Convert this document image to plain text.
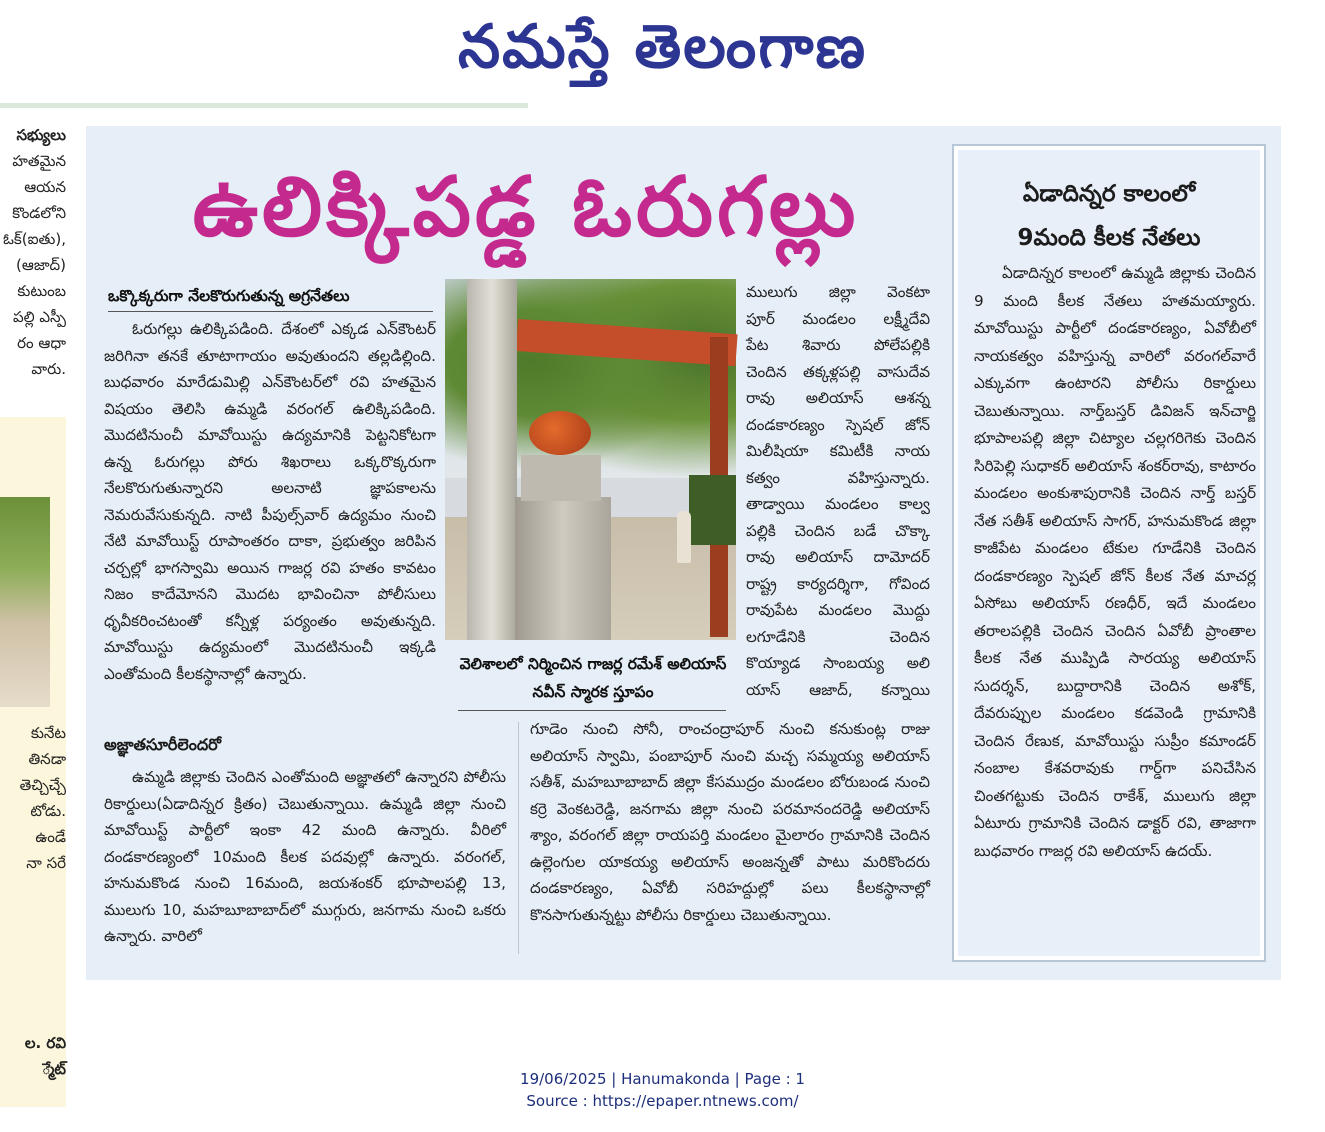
నమస్తే తెలంగాణ
సభ్యులు
హతమైన
ఆయన
కొండలోని
ఓక్(ఐతు),
(ఆజాద్)
కుటుంబ
పల్లి ఎస్పీ
రం ఆధా
వారు.
కునేట
తినడా
తెచ్చిచ్చే
టోడు.
ఉండే
నా సరే
ల. రవి
్మేట్
ఉలిక్కిపడ్డ ఓరుగల్లు
ఒక్కొక్కరుగా నేలకొరుగుతున్న అగ్రనేతలు

ఓరుగల్లు ఉలిక్కిపడింది. దేశంలో ఎక్కడ ఎన్‌కౌంటర్ జరిగినా తనకే తూటాగాయం అవుతుందని తల్లడిల్లింది. బుధవారం మారేడుమిల్లి ఎన్‌కౌంటర్‌లో రవి హతమైన విషయం తెలిసి ఉమ్మడి వరంగల్ ఉలిక్కిపడింది. మొదటినుంచీ మావోయిస్టు ఉద్యమానికి పెట్టనికోటగా ఉన్న ఓరుగల్లు పోరు శిఖరాలు ఒక్కరొక్కరుగా నేలకొరుగుతున్నారని అలనాటి జ్ఞాపకాలను నెమరువేసుకున్నది. నాటి పీపుల్స్‌వార్ ఉద్యమం నుంచి నేటి మావోయిస్ట్ రూపాంతరం దాకా, ప్రభుత్వం జరిపిన చర్చల్లో భాగస్వామి అయిన గాజర్ల రవి హతం కావటం నిజం కాదేమోనని మొదట భావించినా పోలీసులు ధృవీకరించటంతో కన్నీళ్ల పర్యంతం అవుతున్నది. మావోయిస్టు ఉద్యమంలో మొదటినుంచీ ఇక్కడి ఎంతోమంది కీలకస్థానాల్లో ఉన్నారు.

అజ్ఞాతసూరీలెందరో

ఉమ్మడి జిల్లాకు చెందిన ఎంతోమంది అజ్ఞాతలో ఉన్నారని పోలీసు రికార్డులు(ఏడాదిన్నర క్రితం) చెబుతున్నాయి. ఉమ్మడి జిల్లా నుంచి మావోయిస్ట్ పార్టీలో ఇంకా 42 మంది ఉన్నారు. వీరిలో దండకారణ్యంలో 10మంది కీలక పదవుల్లో ఉన్నారు. వరంగల్, హనుమకొండ నుంచి 16మంది, జయశంకర్ భూపాలపల్లి 13, ములుగు 10, మహబూబాబాద్‌లో ముగ్గురు, జనగామ నుంచి ఒకరు ఉన్నారు. వారిలో

వెలిశాలలో నిర్మించిన గాజర్ల రమేశ్ అలియాస్ నవీన్ స్మారక స్తూపం
ములుగు జిల్లా వెంకటా
పూర్ మండలం లక్ష్మీదేవి
పేట శివారు పోలేపల్లికి
చెందిన తక్కళ్లపల్లి వాసుదేవ
రావు అలియాస్ ఆశన్న
దండకారణ్యం స్పెషల్ జోన్
మిలీషియా కమిటీకి నాయ
కత్వం వహిస్తున్నారు.
తాడ్వాయి మండలం కాల్వ
పల్లికి చెందిన బడే చొక్కా
రావు అలియాస్ దామోదర్
రాష్ట్ర కార్యదర్శిగా, గోవింద
రావుపేట మండలం మొద్దు
లగూడేనికి చెందిన
కొయ్యాడ సాంబయ్య అలి
యాస్ ఆజాద్, కన్నాయి

గూడెం నుంచి సోనీ, రాంచంద్రాపూర్ నుంచి కనుకుంట్ల రాజు అలియాస్ స్వామి, పంబాపూర్ నుంచి మచ్చ సమ్మయ్య అలియాస్ సతీశ్, మహబూబాబాద్ జిల్లా కేసముద్రం మండలం బోరుబండ నుంచి కర్రె వెంకటరెడ్డి, జనగామ జిల్లా నుంచి పరమానందరెడ్డి అలియాస్ శ్యాం, వరంగల్ జిల్లా రాయపర్తి మండలం మైలారం గ్రామానికి చెందిన ఉల్లెంగుల యాకయ్య అలియాస్ అంజన్నతో పాటు మరికొందరు దండకారణ్యం, ఏవోబీ సరిహద్దుల్లో పలు కీలకస్థానాల్లో కొనసాగుతున్నట్టు పోలీసు రికార్డులు చెబుతున్నాయి.

ఏడాదిన్నర కాలంలో
9మంది కీలక నేతలు

ఏడాదిన్నర కాలంలో ఉమ్మడి జిల్లాకు చెందిన 9 మంది కీలక నేతలు హతమయ్యారు. మావోయిస్టు పార్టీలో దండకారణ్యం, ఏవోబీలో నాయకత్వం వహిస్తున్న వారిలో వరంగల్‌వారే ఎక్కువగా ఉంటారని పోలీసు రికార్డులు చెబుతున్నాయి. నార్త్‌బస్తర్ డివిజన్ ఇన్‌చార్జి భూపాలపల్లి జిల్లా చిట్యాల చల్లగరిగెకు చెందిన సిరిపెల్లి సుధాకర్ అలియాస్ శంకర్‌రావు, కాటారం మండలం అంకుశాపురానికి చెందిన నార్త్ బస్తర్ నేత సతీశ్ అలియాస్ సాగర్, హనుమకొండ జిల్లా కాజీపేట మండలం టేకుల గూడేనికి చెందిన దండకారణ్యం స్పెషల్ జోన్ కీలక నేత మాచర్ల ఏసోబు అలియాస్ రణధీర్, ఇదే మండలం తరాలపల్లికి చెందిన చెందిన ఏవోబీ ప్రాంతాల కీలక నేత ముప్పిడి సారయ్య అలియాస్ సుదర్శన్, బుద్దారానికి చెందిన అశోక్, దేవరుప్పుల మండలం కడవెండి గ్రామానికి చెందిన రేణుక, మావోయిస్టు సుప్రీం కమాండర్ నంబాల కేశవరావుకు గార్డ్‌గా పనిచేసిన చింతగట్టుకు చెందిన రాకేశ్, ములుగు జిల్లా ఏటూరు గ్రామానికి చెందిన డాక్టర్ రవి, తాజాగా బుధవారం గాజర్ల రవి అలియాస్ ఉదయ్.

19/06/2025 | Hanumakonda | Page : 1
Source : https://epaper.ntnews.com/
